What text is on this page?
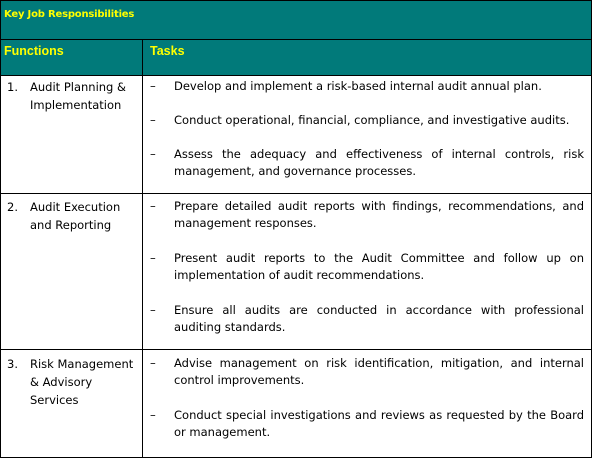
Key Job Responsibilities
Functions	Tasks
1. Audit Planning & Implementation
– Develop and implement a risk-based internal audit annual plan.
– Conduct operational, financial, compliance, and investigative audits.
– Assess the adequacy and effectiveness of internal controls, risk management, and governance processes.
2. Audit Execution and Reporting
– Prepare detailed audit reports with findings, recommendations, and management responses.
– Present audit reports to the Audit Committee and follow up on implementation of audit recommendations.
– Ensure all audits are conducted in accordance with professional auditing standards.
3. Risk Management & Advisory Services
– Advise management on risk identification, mitigation, and internal control improvements.
– Conduct special investigations and reviews as requested by the Board or management.
